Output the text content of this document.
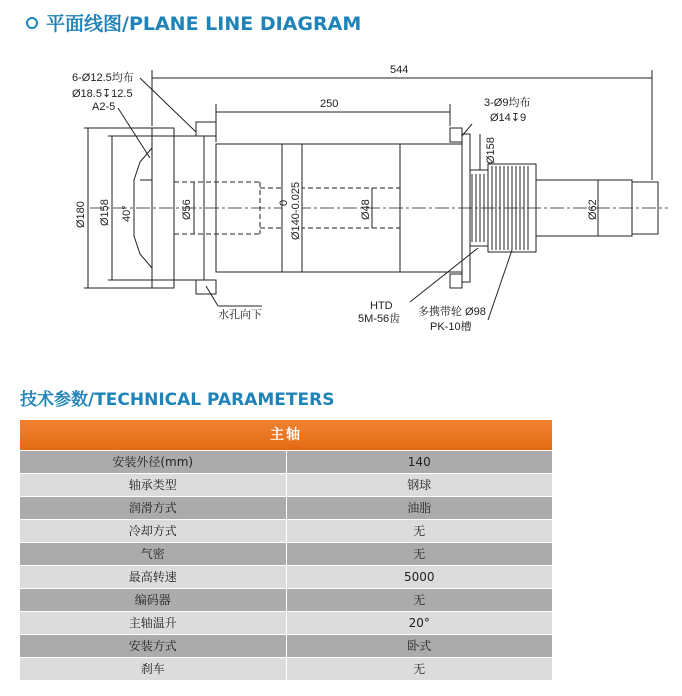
平面线图/PLANE LINE DIAGRAM
6-Ø12.5均布
Ø18.5↧12.5
A2-5
544
250	3-Ø9均布
Ø14↧9
Ø180 Ø158 40°	Ø56	0 Ø140-0.025	Ø48
Ø158
Ø62
水孔向下
HTD
5M-56齿
多携带轮 Ø98
PK-10槽
技术参数/TECHNICAL PARAMETERS
主轴
安装外径(mm)	140
轴承类型	钢球
润滑方式	油脂
冷却方式	无
气密	无
最高转速	5000
编码器	无
主轴温升	20°
安装方式	卧式
刹车	无
